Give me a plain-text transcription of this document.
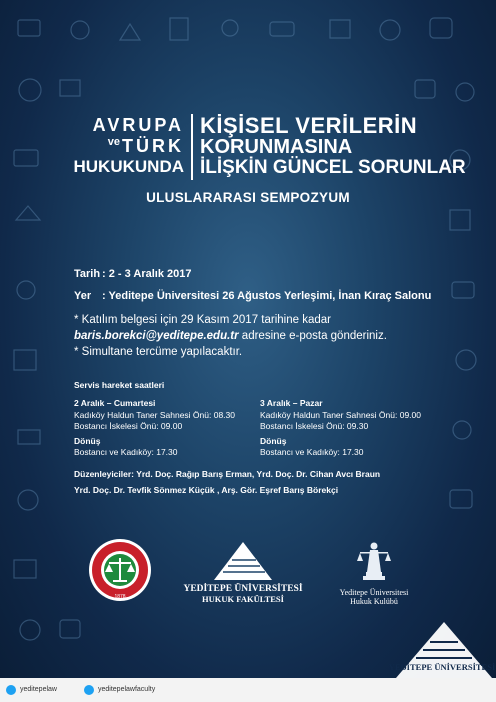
AVRUPA
$^{ve}$ TÜRK
HUKUKUNDA
KİŞİSEL VERİLERİN
KORUNMASINA
İLİŞKİN GÜNCEL SORUNLAR
ULUSLARARASI SEMPOZYUM
Tarih : 2 - 3 Aralık 2017
Yer : Yeditepe Üniversitesi 26 Ağustos Yerleşimi, İnan Kıraç Salonu
* Katılım belgesi için 29 Kasım 2017 tarihine kadar
baris.borekci@yeditepe.edu.tr adresine e-posta gönderiniz.
* Simultane tercüme yapılacaktır.
Servis hareket saatleri
2 Aralık – Cumartesi
Kadıköy Haldun Taner Sahnesi Önü: 08.30
Bostancı İskelesi Önü: 09.00
Dönüş
Bostancı ve Kadıköy: 17.30
3 Aralık – Pazar
Kadıköy Haldun Taner Sahnesi Önü: 09.00
Bostancı İskelesi Önü: 09.30
Dönüş
Bostancı ve Kadıköy: 17.30
Düzenleyiciler: Yrd. Doç. Rağıp Barış Erman, Yrd. Doç. Dr. Cihan Avcı Braun
Yrd. Doç. Dr. Tevfik Sönmez Küçük , Arş. Gör. Eşref Barış Börekçi
1878
YEDİTEPE ÜNİVERSİTESİ
HUKUK FAKÜLTESİ
Yeditepe Üniversitesi
Hukuk Kulübü
YEDİTEPE ÜNİVERSİTESİ
yeditepelaw	yeditepelawfaculty
